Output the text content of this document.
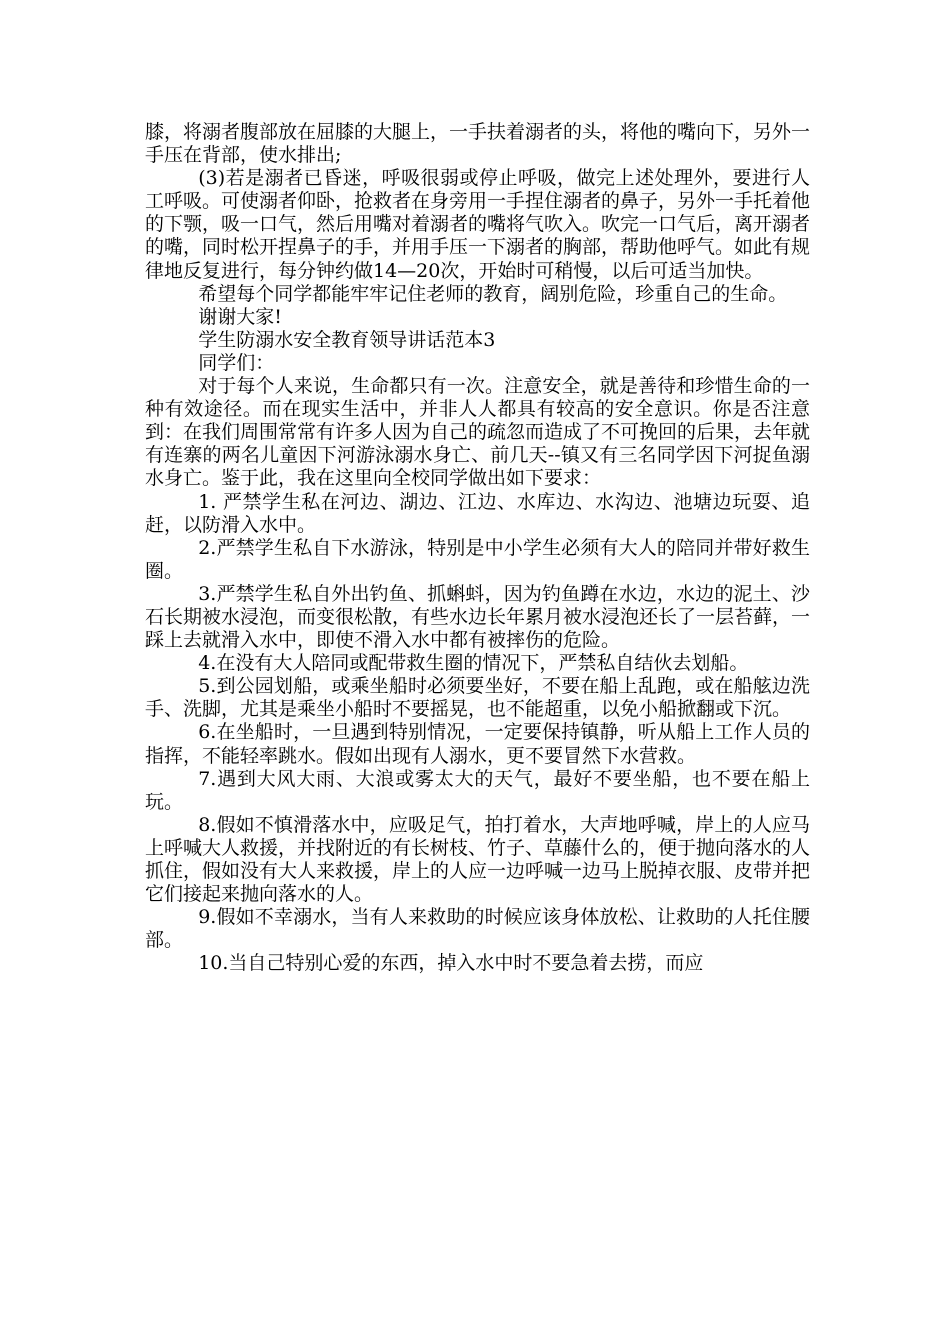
膝，将溺者腹部放在屈膝的大腿上，一手扶着溺者的头，将他的嘴向下，另外一手压在背部，使水排出;

(3)若是溺者已昏迷，呼吸很弱或停止呼吸，做完上述处理外，要进行人工呼吸。可使溺者仰卧，抢救者在身旁用一手捏住溺者的鼻子，另外一手托着他的下颚，吸一口气，然后用嘴对着溺者的嘴将气吹入。吹完一口气后，离开溺者的嘴，同时松开捏鼻子的手，并用手压一下溺者的胸部，帮助他呼气。如此有规律地反复进行，每分钟约做14—20次，开始时可稍慢，以后可适当加快。

希望每个同学都能牢牢记住老师的教育，阔别危险，珍重自己的生命。

谢谢大家!

学生防溺水安全教育领导讲话范本3

同学们：

对于每个人来说，生命都只有一次。注意安全，就是善待和珍惜生命的一种有效途径。而在现实生活中，并非人人都具有较高的安全意识。你是否注意到：在我们周围常常有许多人因为自己的疏忽而造成了不可挽回的后果，去年就有连寨的两名儿童因下河游泳溺水身亡、前几天--镇又有三名同学因下河捉鱼溺水身亡。鉴于此，我在这里向全校同学做出如下要求：

1. 严禁学生私在河边、湖边、江边、水库边、水沟边、池塘边玩耍、追赶，以防滑入水中。

2.严禁学生私自下水游泳，特别是中小学生必须有大人的陪同并带好救生圈。

3.严禁学生私自外出钓鱼、抓蝌蚪，因为钓鱼蹲在水边，水边的泥土、沙石长期被水浸泡，而变很松散，有些水边长年累月被水浸泡还长了一层苔藓，一踩上去就滑入水中，即使不滑入水中都有被摔伤的危险。

4.在没有大人陪同或配带救生圈的情况下，严禁私自结伙去划船。

5.到公园划船，或乘坐船时必须要坐好，不要在船上乱跑，或在船舷边洗手、洗脚，尤其是乘坐小船时不要摇晃，也不能超重，以免小船掀翻或下沉。

6.在坐船时，一旦遇到特别情况，一定要保持镇静，听从船上工作人员的指挥，不能轻率跳水。假如出现有人溺水，更不要冒然下水营救。

7.遇到大风大雨、大浪或雾太大的天气，最好不要坐船，也不要在船上玩。

8.假如不慎滑落水中，应吸足气，拍打着水，大声地呼喊，岸上的人应马上呼喊大人救援，并找附近的有长树枝、竹子、草藤什么的，便于抛向落水的人抓住，假如没有大人来救援，岸上的人应一边呼喊一边马上脱掉衣服、皮带并把它们接起来抛向落水的人。

9.假如不幸溺水，当有人来救助的时候应该身体放松、让救助的人托住腰部。

10.当自己特别心爱的东西，掉入水中时不要急着去捞，而应
